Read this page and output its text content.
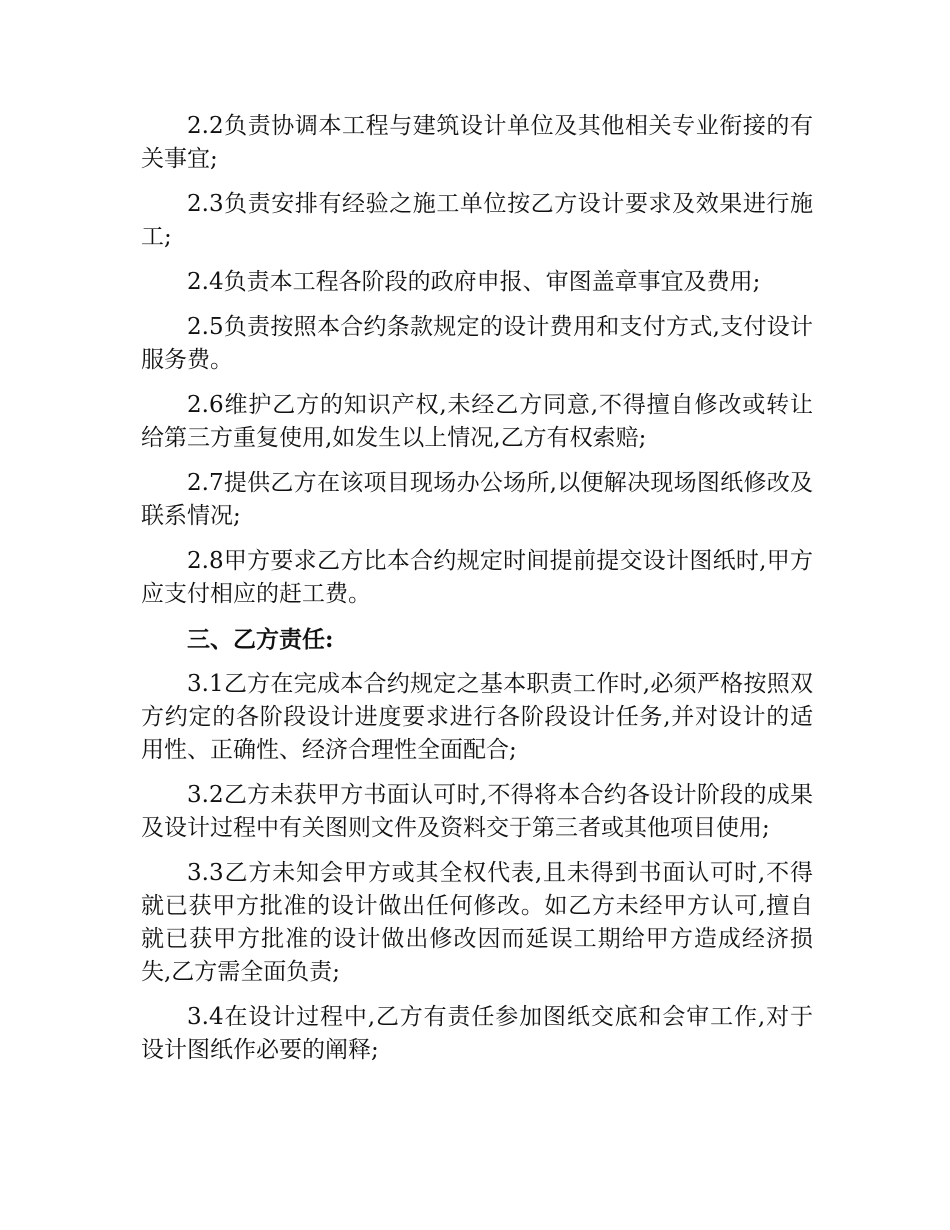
2.2负责协调本工程与建筑设计单位及其他相关专业衔接的有关事宜;

2.3负责安排有经验之施工单位按乙方设计要求及效果进行施工;

2.4负责本工程各阶段的政府申报、审图盖章事宜及费用;

2.5负责按照本合约条款规定的设计费用和支付方式,支付设计服务费。

2.6维护乙方的知识产权,未经乙方同意,不得擅自修改或转让给第三方重复使用,如发生以上情况,乙方有权索赔;

2.7提供乙方在该项目现场办公场所,以便解决现场图纸修改及联系情况;

2.8甲方要求乙方比本合约规定时间提前提交设计图纸时,甲方应支付相应的赶工费。

三、乙方责任:

3.1乙方在完成本合约规定之基本职责工作时,必须严格按照双方约定的各阶段设计进度要求进行各阶段设计任务,并对设计的适用性、正确性、经济合理性全面配合;

3.2乙方未获甲方书面认可时,不得将本合约各设计阶段的成果及设计过程中有关图则文件及资料交于第三者或其他项目使用;

3.3乙方未知会甲方或其全权代表,且未得到书面认可时,不得就已获甲方批准的设计做出任何修改。如乙方未经甲方认可,擅自就已获甲方批准的设计做出修改因而延误工期给甲方造成经济损失,乙方需全面负责;

3.4在设计过程中,乙方有责任参加图纸交底和会审工作,对于设计图纸作必要的阐释;
